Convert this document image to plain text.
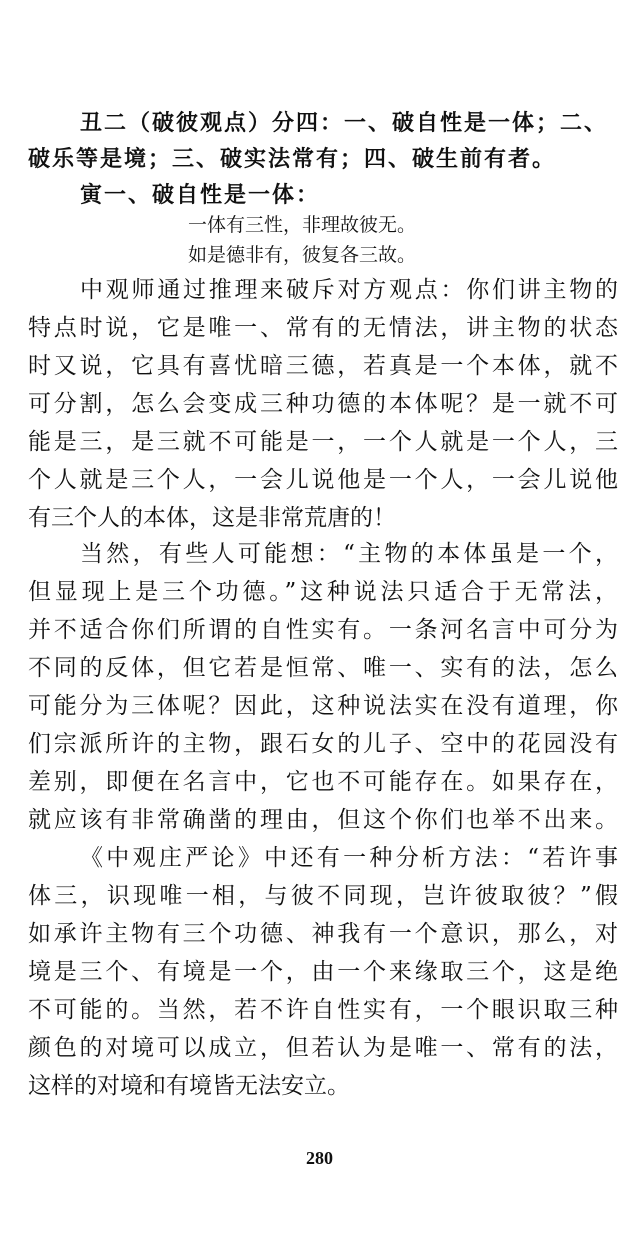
丑二（破彼观点）分四：一、破自性是一体；二、
破乐等是境；三、破实法常有；四、破生前有者。
寅一、破自性是一体：
一体有三性，非理故彼无。
如是德非有，彼复各三故。
中观师通过推理来破斥对方观点：你们讲主物的
特点时说，它是唯一、常有的无情法，讲主物的状态
时又说，它具有喜忧暗三德，若真是一个本体，就不
可分割，怎么会变成三种功德的本体呢？是一就不可
能是三，是三就不可能是一，一个人就是一个人，三
个人就是三个人，一会儿说他是一个人，一会儿说他
有三个人的本体，这是非常荒唐的！
当然，有些人可能想：“主物的本体虽是一个，
但显现上是三个功德。”这种说法只适合于无常法，
并不适合你们所谓的自性实有。一条河名言中可分为
不同的反体，但它若是恒常、唯一、实有的法，怎么
可能分为三体呢？因此，这种说法实在没有道理，你
们宗派所许的主物，跟石女的儿子、空中的花园没有
差别，即便在名言中，它也不可能存在。如果存在，
就应该有非常确凿的理由，但这个你们也举不出来。
《中观庄严论》中还有一种分析方法：“若许事
体三，识现唯一相，与彼不同现，岂许彼取彼？”假
如承许主物有三个功德、神我有一个意识，那么，对
境是三个、有境是一个，由一个来缘取三个，这是绝
不可能的。当然，若不许自性实有，一个眼识取三种
颜色的对境可以成立，但若认为是唯一、常有的法，
这样的对境和有境皆无法安立。
280
